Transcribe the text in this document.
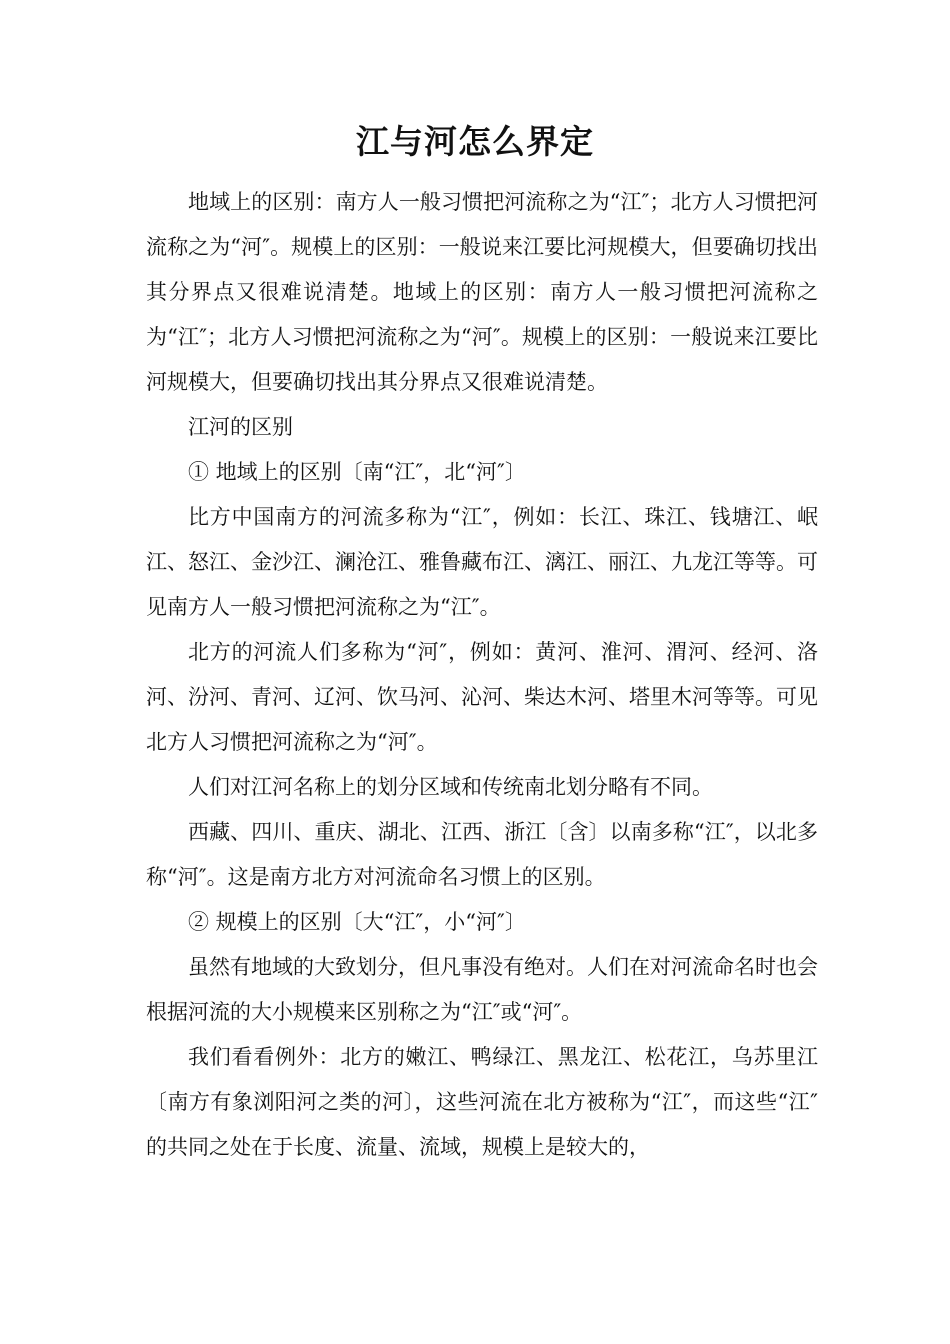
江与河怎么界定

地域上的区别：南方人一般习惯把河流称之为“江″；北方人习惯把河流称之为“河″。规模上的区别：一般说来江要比河规模大，但要确切找出其分界点又很难说清楚。地域上的区别：南方人一般习惯把河流称之为“江″；北方人习惯把河流称之为“河″。规模上的区别：一般说来江要比河规模大，但要确切找出其分界点又很难说清楚。

江河的区别

① 地域上的区别〔南“江″，北“河″〕

比方中国南方的河流多称为“江″，例如：长江、珠江、钱塘江、岷江、怒江、金沙江、澜沧江、雅鲁藏布江、漓江、丽江、九龙江等等。可见南方人一般习惯把河流称之为“江″。

北方的河流人们多称为“河″，例如：黄河、淮河、渭河、经河、洛河、汾河、青河、辽河、饮马河、沁河、柴达木河、塔里木河等等。可见北方人习惯把河流称之为“河″。

人们对江河名称上的划分区域和传统南北划分略有不同。

西藏、四川、重庆、湖北、江西、浙江〔含〕以南多称“江″，以北多称“河″。这是南方北方对河流命名习惯上的区别。

② 规模上的区别〔大“江″，小“河″〕

虽然有地域的大致划分，但凡事没有绝对。人们在对河流命名时也会根据河流的大小规模来区别称之为“江″或“河″。

我们看看例外：北方的嫩江、鸭绿江、黑龙江、松花江，乌苏里江〔南方有象浏阳河之类的河〕，这些河流在北方被称为“江″，而这些“江″的共同之处在于长度、流量、流域，规模上是较大的，
